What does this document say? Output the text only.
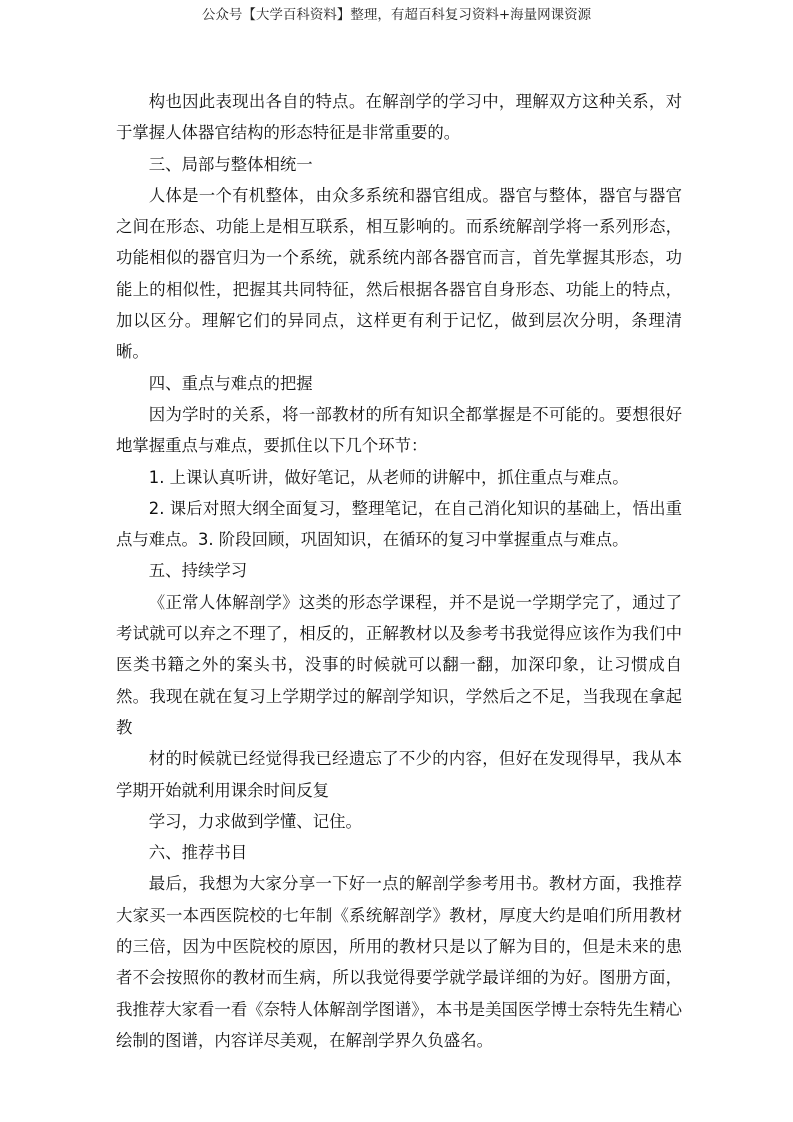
公众号【大学百科资料】整理，有超百科复习资料+海量网课资源

构也因此表现出各自的特点。在解剖学的学习中，理解双方这种关系，对于掌握人体器官结构的形态特征是非常重要的。

三、局部与整体相统一

人体是一个有机整体，由众多系统和器官组成。器官与整体，器官与器官之间在形态、功能上是相互联系，相互影响的。而系统解剖学将一系列形态，功能相似的器官归为一个系统，就系统内部各器官而言，首先掌握其形态，功能上的相似性，把握其共同特征，然后根据各器官自身形态、功能上的特点，加以区分。理解它们的异同点，这样更有利于记忆，做到层次分明，条理清晰。

四、重点与难点的把握

因为学时的关系，将一部教材的所有知识全都掌握是不可能的。要想很好地掌握重点与难点，要抓住以下几个环节：

1. 上课认真听讲，做好笔记，从老师的讲解中，抓住重点与难点。

2. 课后对照大纲全面复习，整理笔记，在自己消化知识的基础上，悟出重点与难点。3. 阶段回顾，巩固知识，在循环的复习中掌握重点与难点。

五、持续学习

《正常人体解剖学》这类的形态学课程，并不是说一学期学完了，通过了考试就可以弃之不理了，相反的，正解教材以及参考书我觉得应该作为我们中医类书籍之外的案头书，没事的时候就可以翻一翻，加深印象，让习惯成自然。我现在就在复习上学期学过的解剖学知识，学然后之不足，当我现在拿起教

材的时候就已经觉得我已经遗忘了不少的内容，但好在发现得早，我从本学期开始就利用课余时间反复

学习，力求做到学懂、记住。

六、推荐书目

最后，我想为大家分享一下好一点的解剖学参考用书。教材方面，我推荐大家买一本西医院校的七年制《系统解剖学》教材，厚度大约是咱们所用教材的三倍，因为中医院校的原因，所用的教材只是以了解为目的，但是未来的患者不会按照你的教材而生病，所以我觉得要学就学最详细的为好。图册方面，我推荐大家看一看《奈特人体解剖学图谱》，本书是美国医学博士奈特先生精心绘制的图谱，内容详尽美观，在解剖学界久负盛名。
